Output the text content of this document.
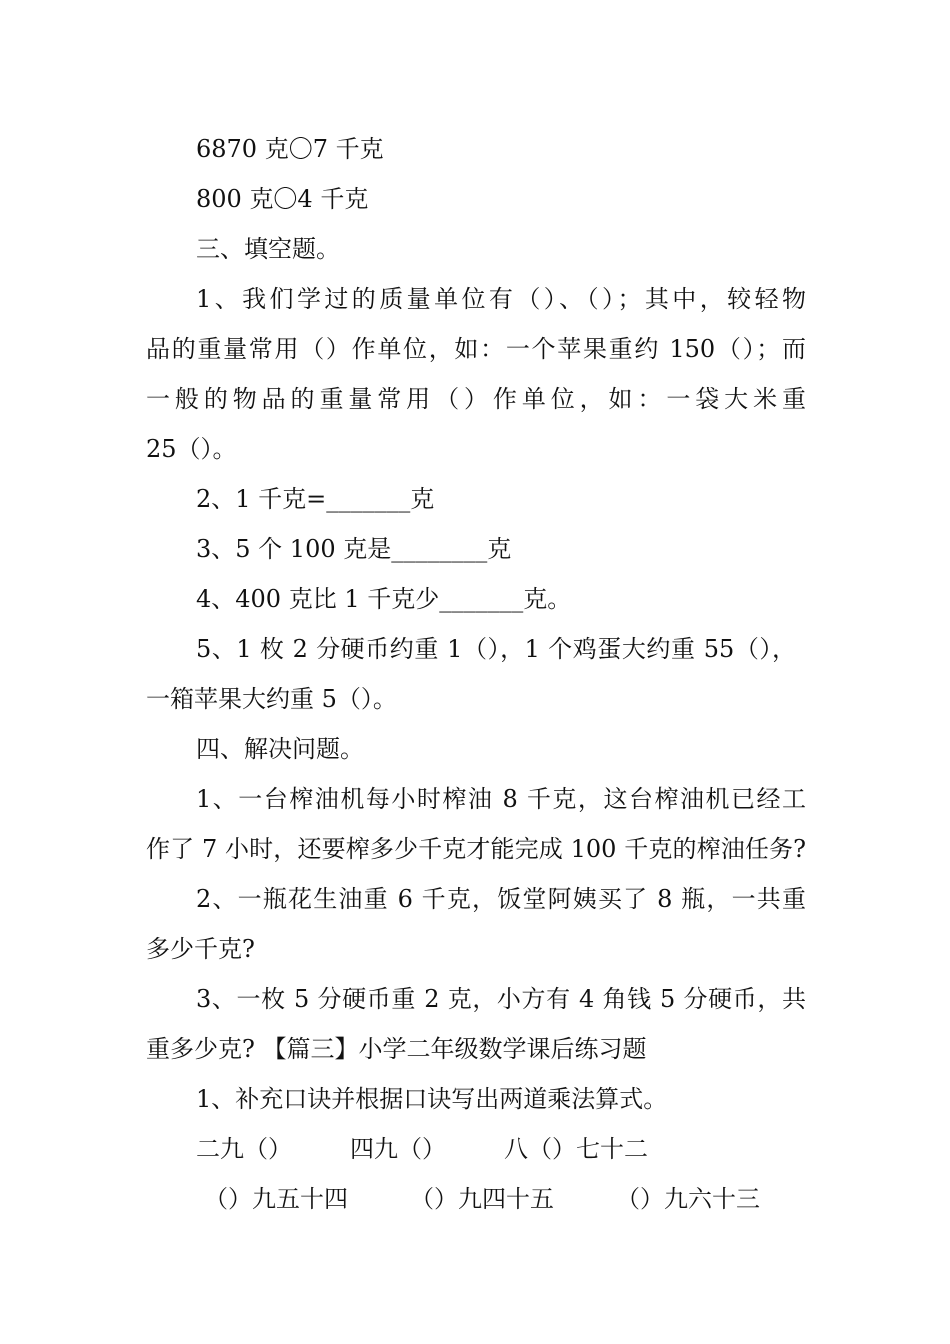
6870 克〇7 千克
800 克〇4 千克
三、填空题。
1、我们学过的质量单位有（）、（）；其中，较轻物
品的重量常用（）作单位，如：一个苹果重约 150（）；而
一般的物品的重量常用（）作单位，如：一袋大米重
25（）。
2、1 千克=_______克
3、5 个 100 克是________克
4、400 克比 1 千克少_______克。
5、1 枚 2 分硬币约重 1（），1 个鸡蛋大约重 55（），
一箱苹果大约重 5（）。
四、解决问题。
1、一台榨油机每小时榨油 8 千克，这台榨油机已经工
作了 7 小时，还要榨多少千克才能完成 100 千克的榨油任务?
2、一瓶花生油重 6 千克，饭堂阿姨买了 8 瓶，一共重
多少千克?
3、一枚 5 分硬币重 2 克，小方有 4 角钱 5 分硬币，共
重多少克? 【篇三】小学二年级数学课后练习题
1、补充口诀并根据口诀写出两道乘法算式。
二九（）	四九（）	八（）七十二
（）九五十四	（）九四十五	（）九六十三
